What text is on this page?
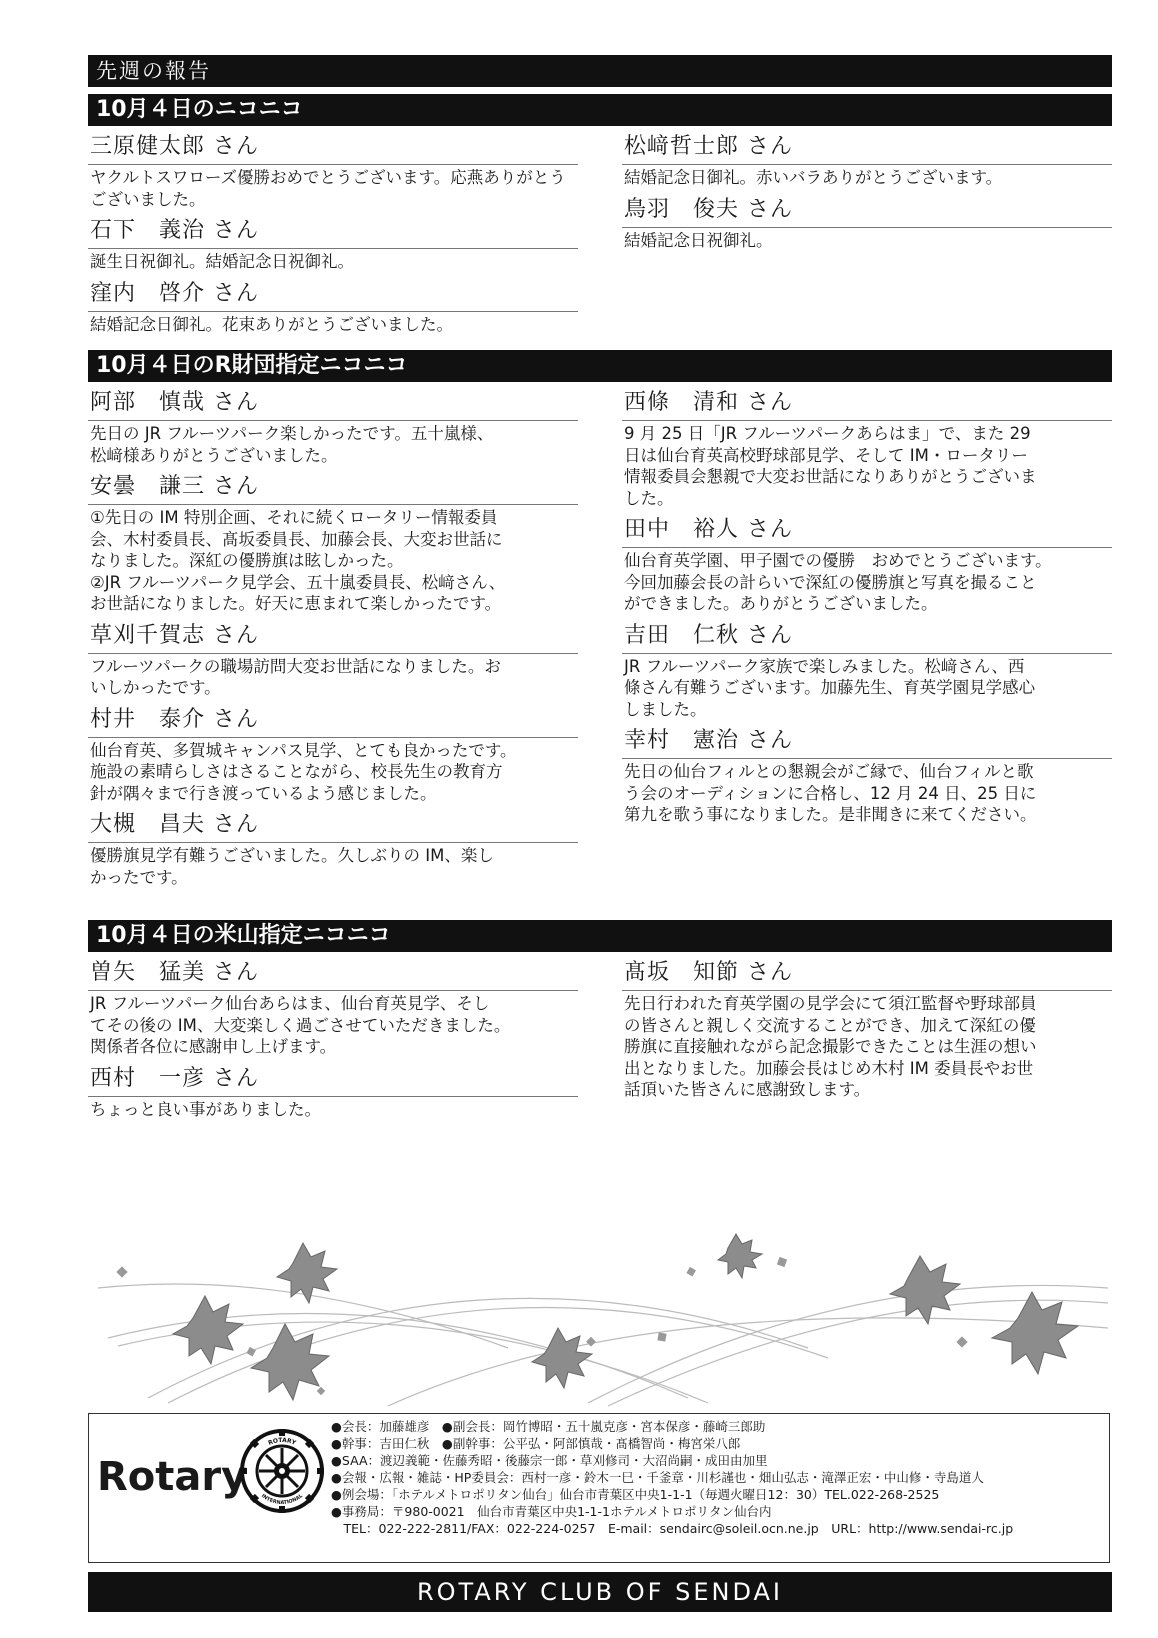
先週の報告
10月４日のニコニコ
三原健太郎 さん
ヤクルトスワローズ優勝おめでとうございます。応燕ありがとうございました。
石下　義治 さん
誕生日祝御礼。結婚記念日祝御礼。
窪内　啓介 さん
結婚記念日御礼。花束ありがとうございました。
松﨑哲士郎 さん
結婚記念日御礼。赤いバラありがとうございます。
鳥羽　俊夫 さん
結婚記念日祝御礼。
10月４日のR財団指定ニコニコ
阿部　慎哉 さん
先日の JR フルーツパーク楽しかったです。五十嵐様、
松﨑様ありがとうございました。
安曇　謙三 さん
①先日の IM 特別企画、それに続くロータリー情報委員
会、木村委員長、髙坂委員長、加藤会長、大変お世話に
なりました。深紅の優勝旗は眩しかった。
②JR フルーツパーク見学会、五十嵐委員長、松﨑さん、
お世話になりました。好天に恵まれて楽しかったです。
草刈千賀志 さん
フルーツパークの職場訪問大変お世話になりました。お
いしかったです。
村井　泰介 さん
仙台育英、多賀城キャンパス見学、とても良かったです。
施設の素晴らしさはさることながら、校長先生の教育方
針が隅々まで行き渡っているよう感じました。
大槻　昌夫 さん
優勝旗見学有難うございました。久しぶりの IM、楽し
かったです。
西條　清和 さん
9 月 25 日「JR フルーツパークあらはま」で、また 29
日は仙台育英高校野球部見学、そして IM・ロータリー
情報委員会懇親で大変お世話になりありがとうございま
した。
田中　裕人 さん
仙台育英学園、甲子園での優勝　おめでとうございます。
今回加藤会長の計らいで深紅の優勝旗と写真を撮ること
ができました。ありがとうございました。
吉田　仁秋 さん
JR フルーツパーク家族で楽しみました。松﨑さん、西
條さん有難うございます。加藤先生、育英学園見学感心
しました。
幸村　憲治 さん
先日の仙台フィルとの懇親会がご縁で、仙台フィルと歌
う会のオーディションに合格し、12 月 24 日、25 日に
第九を歌う事になりました。是非聞きに来てください。
10月４日の米山指定ニコニコ
曽矢　猛美 さん
JR フルーツパーク仙台あらはま、仙台育英見学、そし
てその後の IM、大変楽しく過ごさせていただきました。
関係者各位に感謝申し上げます。
西村　一彦 さん
ちょっと良い事がありました。
髙坂　知節 さん
先日行われた育英学園の見学会にて須江監督や野球部員
の皆さんと親しく交流することができ、加えて深紅の優
勝旗に直接触れながら記念撮影できたことは生涯の想い
出となりました。加藤会長はじめ木村 IM 委員長やお世
話頂いた皆さんに感謝致します。
Rotary
ROTARY
INTERNATIONAL
●会長：加藤雄彦　●副会長：岡竹博昭・五十嵐克彦・宮本保彦・藤崎三郎助
●幹事：吉田仁秋　●副幹事：公平弘・阿部慎哉・髙橋智尚・梅宮栄八郎
●SAA：渡辺義範・佐藤秀昭・後藤宗一郎・草刈修司・大沼尚嗣・成田由加里
●会報・広報・雑誌・HP委員会：西村一彦・鈴木一巳・千釜章・川杉謹也・畑山弘志・滝澤正宏・中山修・寺島道人
●例会場：「ホテルメトロポリタン仙台」仙台市青葉区中央1-1-1（毎週火曜日12：30）TEL.022-268-2525
●事務局：〒980-0021　仙台市青葉区中央1-1-1ホテルメトロポリタン仙台内
　TEL：022-222-2811/FAX：022-224-0257　E-mail：sendairc@soleil.ocn.ne.jp　URL：http://www.sendai-rc.jp
ROTARY CLUB OF SENDAI
